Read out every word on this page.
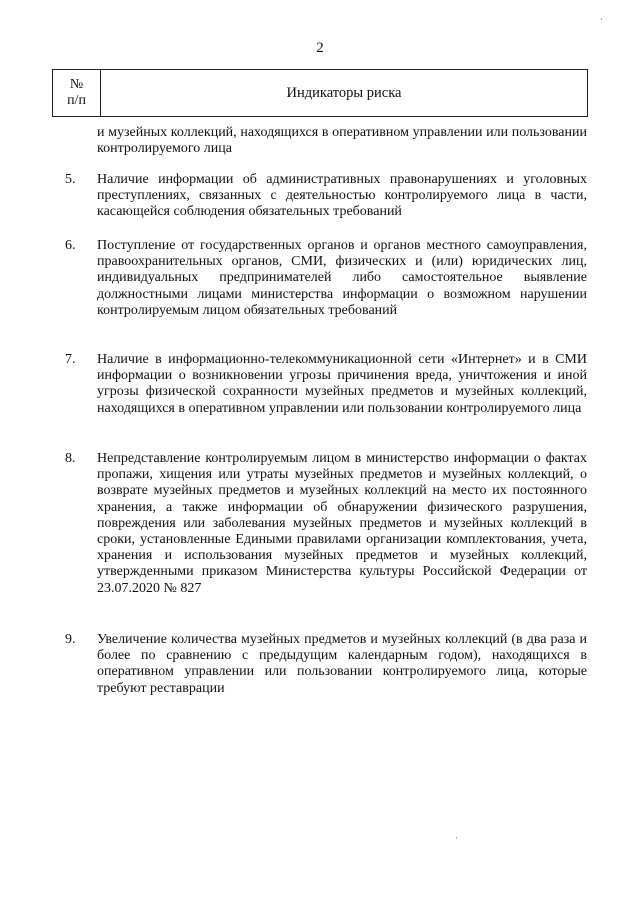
2
№
п/п	Индикаторы риска

и музейных коллекций, находящихся в оперативном управлении или пользовании контролируемого лица

5. Наличие информации об административных правонарушениях и уголовных преступлениях, связанных с деятельностью контролируемого лица в части, касающейся соблюдения обязательных требований

6. Поступление от государственных органов и органов местного самоуправления, правоохранительных органов, СМИ, физических и (или) юридических лиц, индивидуальных предпринимателей либо самостоятельное выявление должностными лицами министерства информации о возможном нарушении контролируемым лицом обязательных требований

7. Наличие в информационно-телекоммуникационной сети «Интернет» и в СМИ информации о возникновении угрозы причинения вреда, уничтожения и иной угрозы физической сохранности музейных предметов и музейных коллекций, находящихся в оперативном управлении или пользовании контролируемого лица

8. Непредставление контролируемым лицом в министерство информации о фактах пропажи, хищения или утраты музейных предметов и музейных коллекций, о возврате музейных предметов и музейных коллекций на место их постоянного хранения, а также информации об обнаружении физического разрушения, повреждения или заболевания музейных предметов и музейных коллекций в сроки, установленные Едиными правилами организации комплектования, учета, хранения и использования музейных предметов и музейных коллекций, утвержденными приказом Министерства культуры Российской Федерации от 23.07.2020 № 827

9. Увеличение количества музейных предметов и музейных коллекций (в два раза и более по сравнению с предыдущим календарным годом), находящихся в оперативном управлении или пользовании контролируемого лица, которые требуют реставрации

·
·
